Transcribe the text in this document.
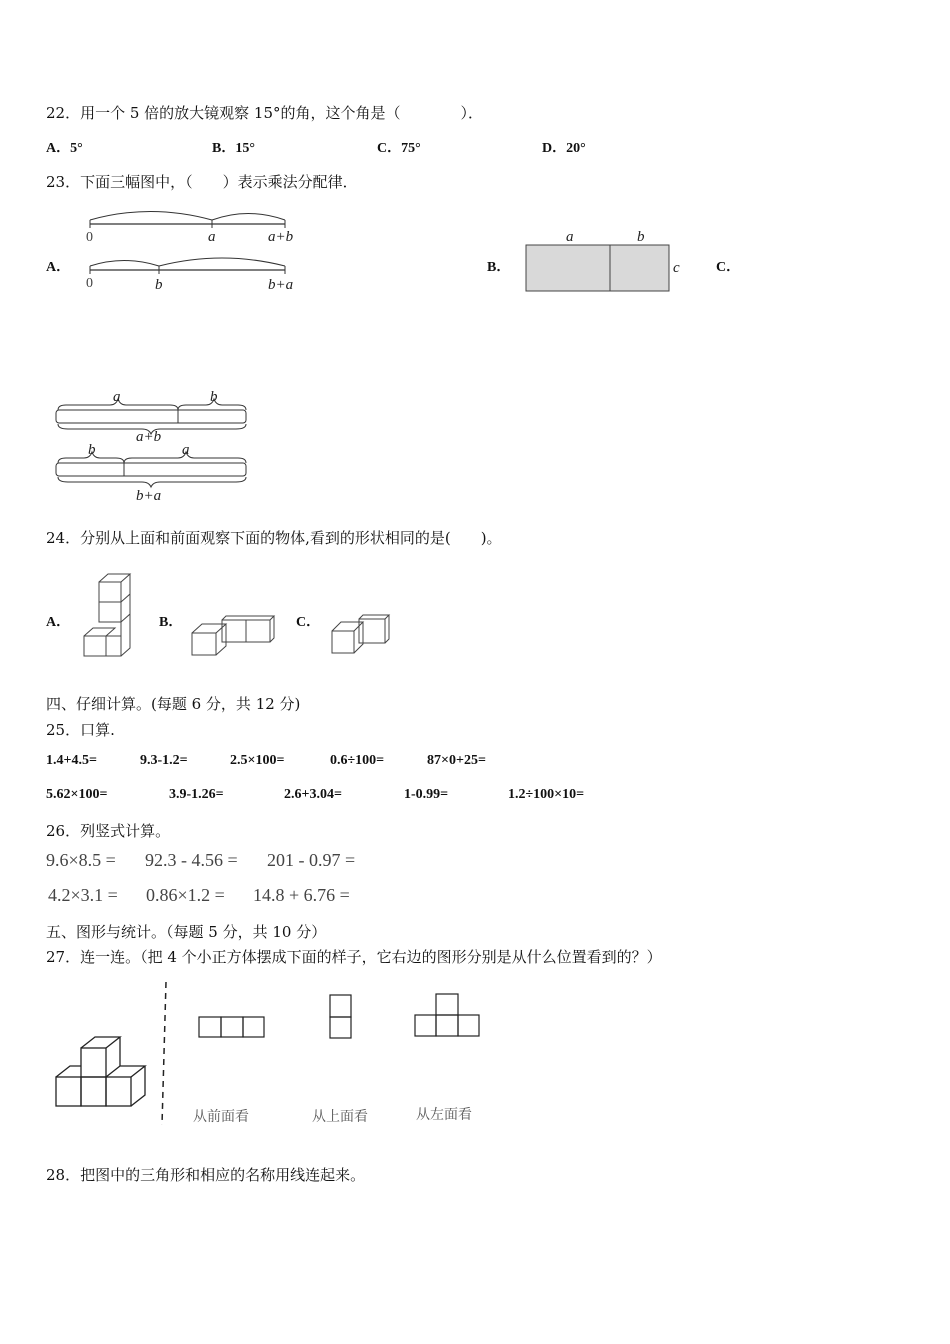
22．用一个 5 倍的放大镜观察 15°的角，这个角是（　　　　）．
A．5°	B．15°	C．75°	D．20°
23．下面三幅图中，（　　）表示乘法分配律．
A．	B．	C．
0	a	a+b
0	b	b+a
a	b
c
a	b
a+b
b	a
b+a
24．分别从上面和前面观察下面的物体,看到的形状相同的是(　　)。
A．	B．	C．
四、仔细计算。(每题 6 分，共 12 分)
25．口算.
1.4+4.5=	9.3-1.2=	2.5×100=	0.6÷100=	87×0+25=
5.62×100=	3.9-1.26=	2.6+3.04=	1-0.99=	1.2÷100×10=
26．列竖式计算。
9.6×8.5 = 92.3 - 4.56 = 201 - 0.97 =
4.2×3.1 = 0.86×1.2 = 14.8 + 6.76 =
五、图形与统计。（每题 5 分，共 10 分）
27．连一连。（把 4 个小正方体摆成下面的样子，它右边的图形分别是从什么位置看到的？）
从前面看	从上面看	从左面看
28．把图中的三角形和相应的名称用线连起来。
